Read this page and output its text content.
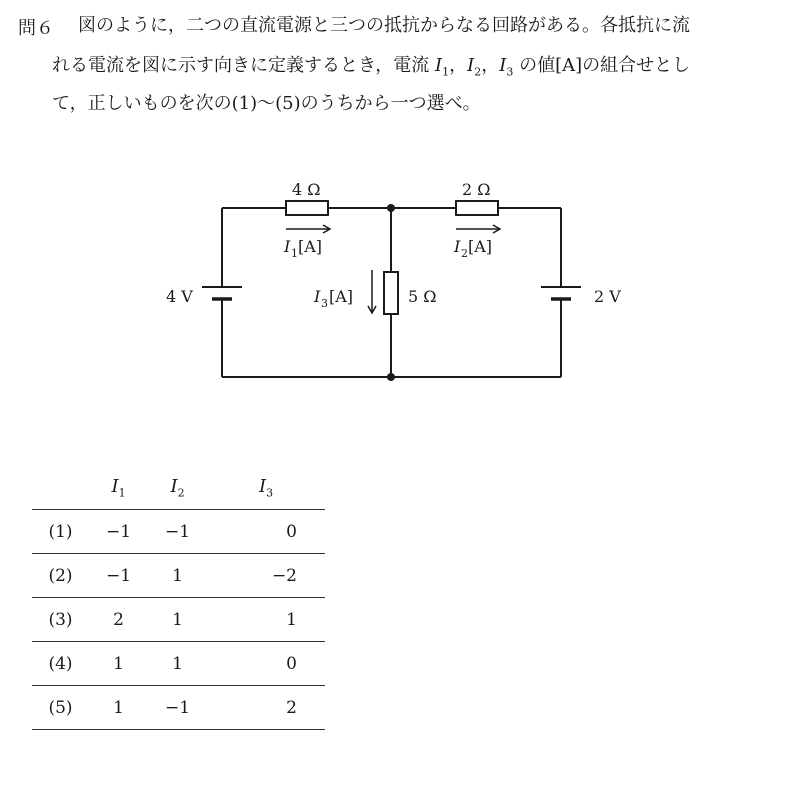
問６ 図のように，二つの直流電源と三つの抵抗からなる回路がある。各抵抗に流
れる電流を図に示す向きに定義するとき，電流 $I_1$，$I_2$，$I_3$ の値[A]の組合せとし
て，正しいものを次の(1)～(5)のうちから一つ選べ。
4 Ω	2 Ω
5 Ω
4 V	2 V
I 1 [A]	I 2 [A]
I 3 [A]
	$I_1$	$I_2$	$I_3$
(1)	−1	−1	0
(2)	−1	1	−2
(3)	2	1	1
(4)	1	1	0
(5)	1	−1	2
